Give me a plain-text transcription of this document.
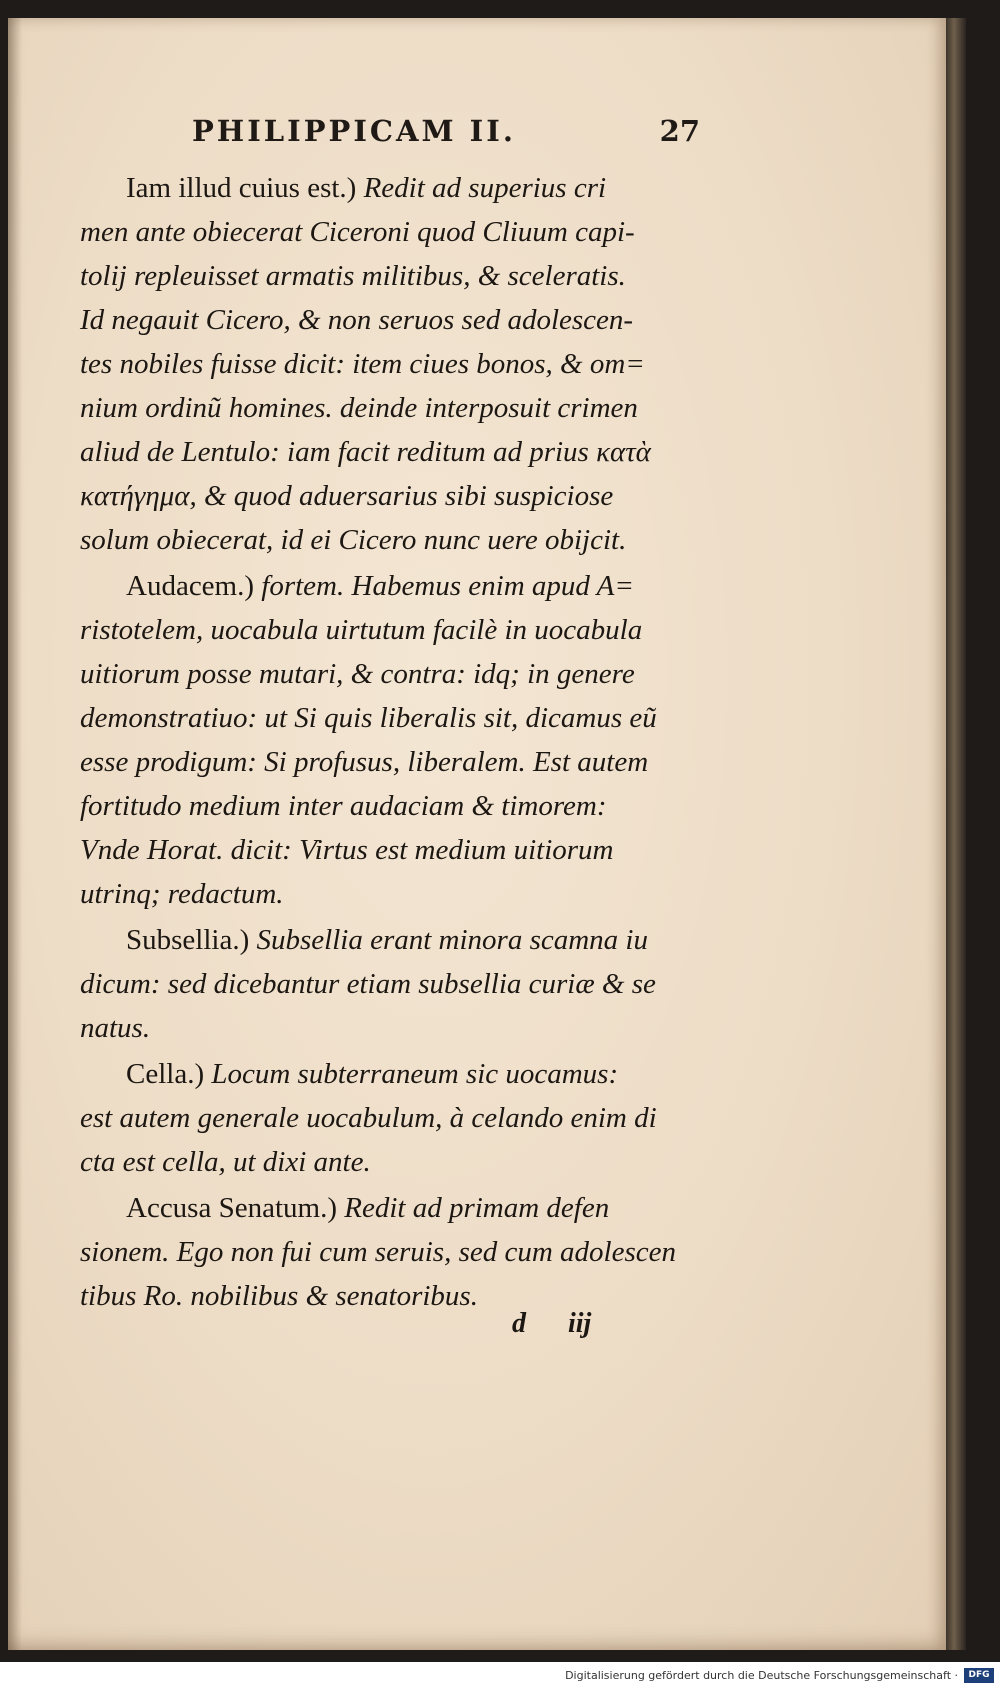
PHILIPPICAM II.	27
Iam illud cuius est.) Redit ad superius cri
men ante obiecerat Ciceroni quod Cliuum capi-
tolij repleuisset armatis militibus, & sceleratis.
Id negauit Cicero, & non seruos sed adolescen-
tes nobiles fuisse dicit: item ciues bonos, & om=
nium ordinũ homines. deinde interposuit crimen
aliud de Lentulo: iam facit reditum ad prius κατὰ
κατήγημα, & quod aduersarius sibi suspiciose
solum obiecerat, id ei Cicero nunc uere obijcit.
Audacem.) fortem. Habemus enim apud A=
ristotelem, uocabula uirtutum facilè in uocabula
uitiorum posse mutari, & contra: idq; in genere
demonstratiuo: ut Si quis liberalis sit, dicamus eũ
esse prodigum: Si profusus, liberalem. Est autem
fortitudo medium inter audaciam & timorem:
Vnde Horat. dicit: Virtus est medium uitiorum
utrinq; redactum.
Subsellia.) Subsellia erant minora scamna iu
dicum: sed dicebantur etiam subsellia curiæ & se
natus.
Cella.) Locum subterraneum sic uocamus:
est autem generale uocabulum, à celando enim di
cta est cella, ut dixi ante.
Accusa Senatum.) Redit ad primam defen
sionem. Ego non fui cum seruis, sed cum adolescen
tibus Ro. nobilibus & senatoribus.
d iij
Digitalisierung gefördert durch die Deutsche Forschungsgemeinschaft ·	DFG
